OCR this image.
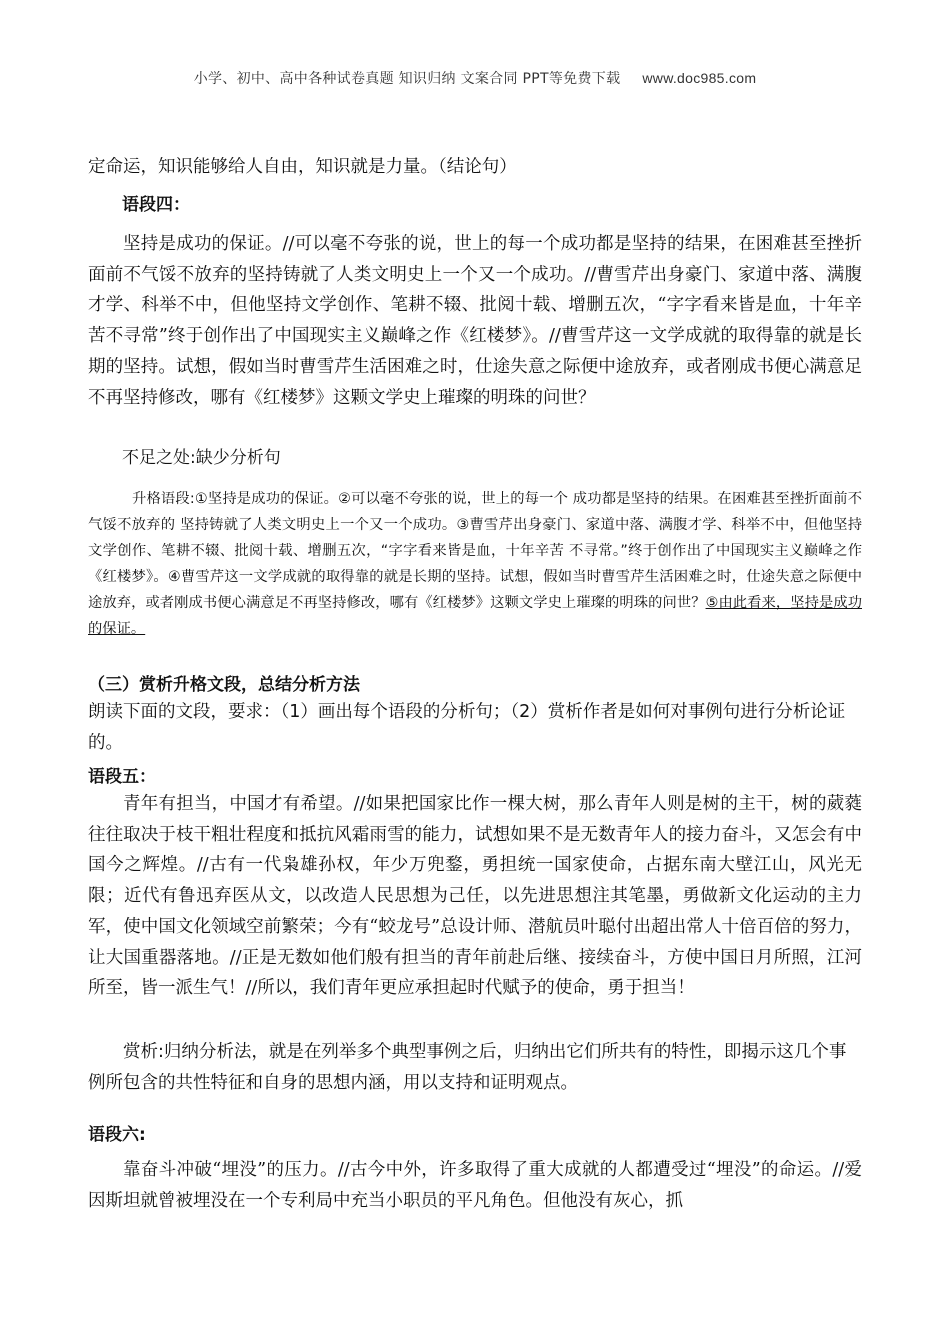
小学、初中、高中各种试卷真题 知识归纳 文案合同 PPT等免费下载 www.doc985.com

定命运，知识能够给人自由，知识就是力量。（结论句）

语段四：

坚持是成功的保证。//可以毫不夸张的说，世上的每一个成功都是坚持的结果，在困难甚至挫折面前不气馁不放弃的坚持铸就了人类文明史上一个又一个成功。//曹雪芹出身豪门、家道中落、满腹才学、科举不中，但他坚持文学创作、笔耕不辍、批阅十载、增删五次，“字字看来皆是血，十年辛苦不寻常”终于创作出了中国现实主义巅峰之作《红楼梦》。//曹雪芹这一文学成就的取得靠的就是长期的坚持。试想，假如当时曹雪芹生活困难之时，仕途失意之际便中途放弃，或者刚成书便心满意足不再坚持修改，哪有《红楼梦》这颗文学史上璀璨的明珠的问世？

不足之处:缺少分析句

升格语段:①坚持是成功的保证。②可以毫不夸张的说，世上的每一个 成功都是坚持的结果。在困难甚至挫折面前不气馁不放弃的 坚持铸就了人类文明史上一个又一个成功。③曹雪芹出身豪门、家道中落、满腹才学、科举不中，但他坚持文学创作、笔耕不辍、批阅十载、增删五次，“字字看来皆是血，十年辛苦 不寻常。”终于创作出了中国现实主义巅峰之作《红楼梦》。④曹雪芹这一文学成就的取得靠的就是长期的坚持。试想，假如当时曹雪芹生活困难之时，仕途失意之际便中途放弃，或者刚成书便心满意足不再坚持修改，哪有《红楼梦》这颗文学史上璀璨的明珠的问世？⑤由此看来，坚持是成功的保证。

（三）赏析升格文段，总结分析方法

朗读下面的文段，要求：（1）画出每个语段的分析句；（2）赏析作者是如何对事例句进行分析论证的。

语段五：

青年有担当，中国才有希望。//如果把国家比作一棵大树，那么青年人则是树的主干，树的葳蕤往往取决于枝干粗壮程度和抵抗风霜雨雪的能力，试想如果不是无数青年人的接力奋斗，又怎会有中国今之辉煌。//古有一代枭雄孙权，年少万兜鍪，勇担统一国家使命，占据东南大壁江山，风光无限；近代有鲁迅弃医从文，以改造人民思想为己任，以先进思想注其笔墨，勇做新文化运动的主力军，使中国文化领域空前繁荣；今有“蛟龙号”总设计师、潜航员叶聪付出超出常人十倍百倍的努力，让大国重器落地。//正是无数如他们般有担当的青年前赴后继、接续奋斗，方使中国日月所照，江河所至，皆一派生气！//所以，我们青年更应承担起时代赋予的使命，勇于担当！

赏析:归纳分析法，就是在列举多个典型事例之后，归纳出它们所共有的特性，即揭示这几个事例所包含的共性特征和自身的思想内涵，用以支持和证明观点。

语段六:

靠奋斗冲破“埋没”的压力。//古今中外，许多取得了重大成就的人都遭受过“埋没”的命运。//爱因斯坦就曾被埋没在一个专利局中充当小职员的平凡角色。但他没有灰心，抓
